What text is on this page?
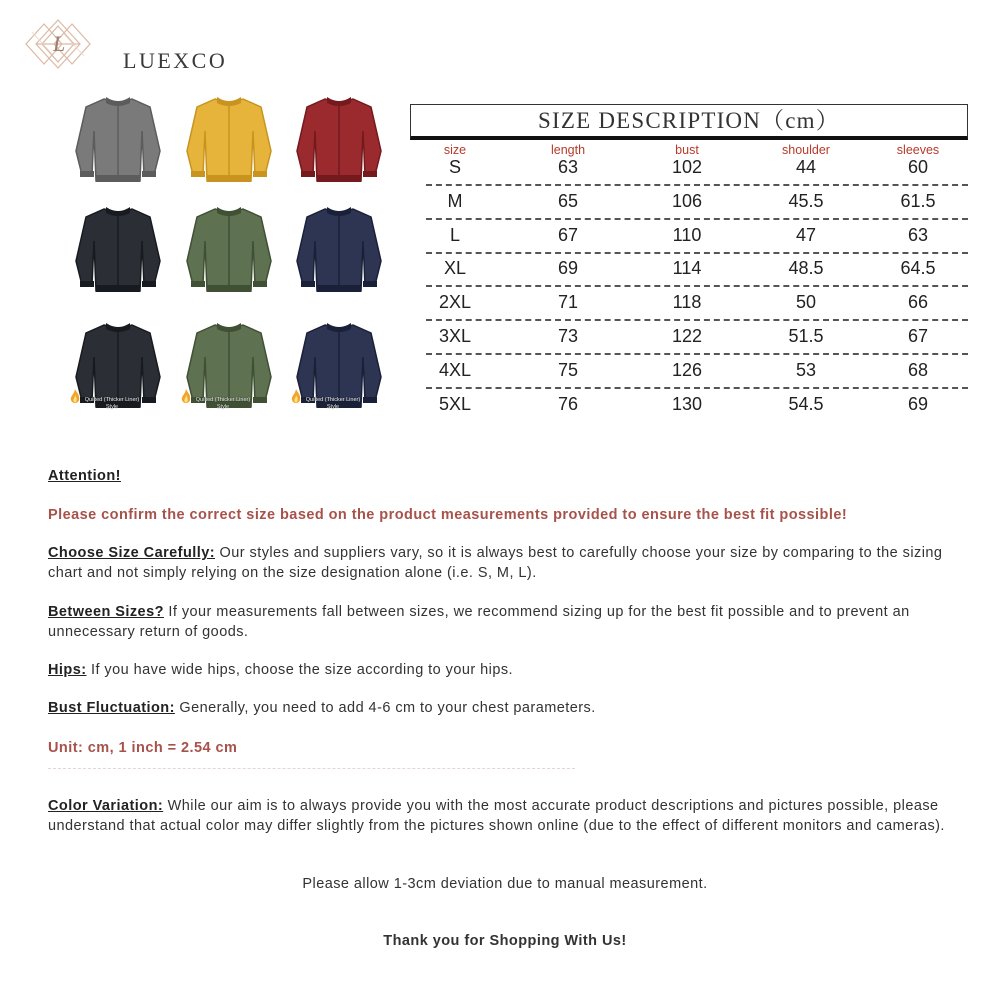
L
LUEXCO
Quilted (Thicker Liner) Style
Quilted (Thicker Liner) Style
Quilted (Thicker Liner) Style
SIZE DESCRIPTION（cm）
size	length	bust	shoulder	sleeves
S	63	102	44	60
M	65	106	45.5	61.5
L	67	110	47	63
XL	69	114	48.5	64.5
2XL	71	118	50	66
3XL	73	122	51.5	67
4XL	75	126	53	68
5XL	76	130	54.5	69
Attention!
Please confirm the correct size based on the product measurements provided to ensure the best fit possible!
Choose Size Carefully: Our styles and suppliers vary, so it is always best to carefully choose your size by comparing to the sizing chart and not simply relying on the size designation alone (i.e. S, M, L).
Between Sizes? If your measurements fall between sizes, we recommend sizing up for the best fit possible and to prevent an unnecessary return of goods.
Hips: If you have wide hips, choose the size according to your hips.
Bust Fluctuation: Generally, you need to add 4-6 cm to your chest parameters.
Unit: cm, 1 inch = 2.54 cm
Color Variation: While our aim is to always provide you with the most accurate product descriptions and pictures possible, please understand that actual color may differ slightly from the pictures shown online (due to the effect of different monitors and cameras).
Please allow 1-3cm deviation due to manual measurement.
Thank you for Shopping With Us!
